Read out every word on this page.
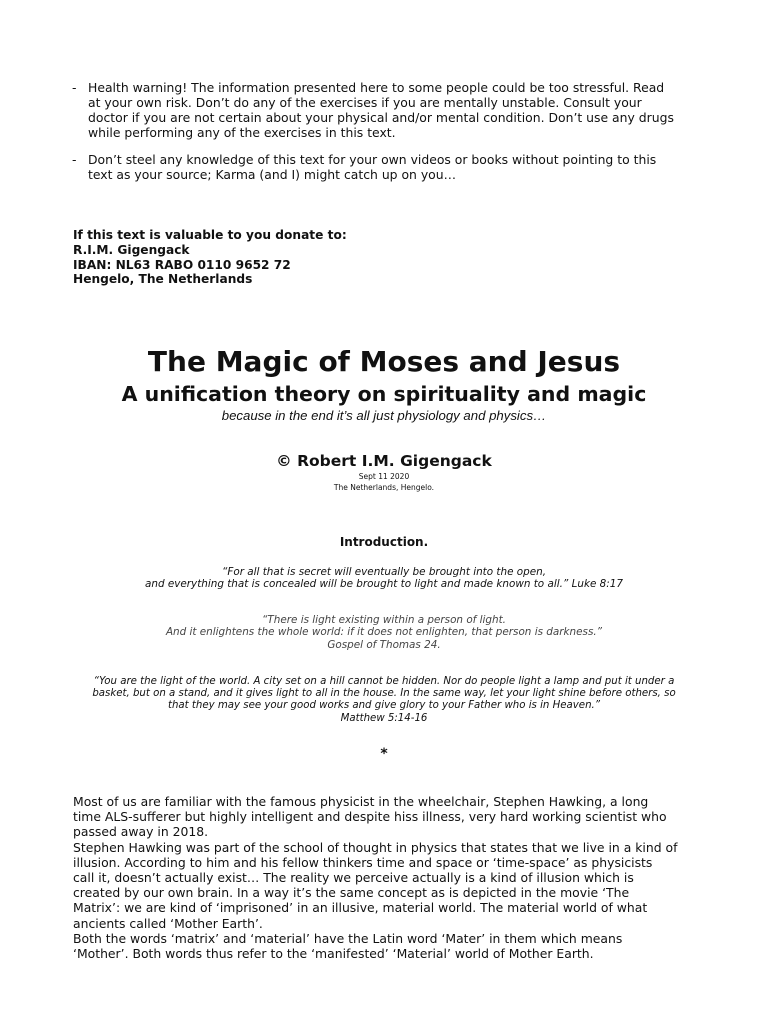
- Health warning! The information presented here to some people could be too stressful. Read
at your own risk. Don’t do any of the exercises if you are mentally unstable. Consult your
doctor if you are not certain about your physical and/or mental condition. Don’t use any drugs
while performing any of the exercises in this text.
- Don’t steel any knowledge of this text for your own videos or books without pointing to this
text as your source; Karma (and I) might catch up on you…
If this text is valuable to you donate to:
R.I.M. Gigengack
IBAN: NL63 RABO 0110 9652 72
Hengelo, The Netherlands
The Magic of Moses and Jesus
A unification theory on spirituality and magic
because in the end it’s all just physiology and physics…
© Robert I.M. Gigengack
Sept 11 2020
The Netherlands, Hengelo.
Introduction.
“For all that is secret will eventually be brought into the open,
and everything that is concealed will be brought to light and made known to all.” Luke 8:17
“There is light existing within a person of light.
And it enlightens the whole world: if it does not enlighten, that person is darkness.”
Gospel of Thomas 24.
“You are the light of the world. A city set on a hill cannot be hidden. Nor do people light a lamp and put it under a
basket, but on a stand, and it gives light to all in the house. In the same way, let your light shine before others, so
that they may see your good works and give glory to your Father who is in Heaven.”
Matthew 5:14-16
*
Most of us are familiar with the famous physicist in the wheelchair, Stephen Hawking, a long
time ALS-sufferer but highly intelligent and despite hiss illness, very hard working scientist who
passed away in 2018.
Stephen Hawking was part of the school of thought in physics that states that we live in a kind of
illusion. According to him and his fellow thinkers time and space or ‘time-space’ as physicists
call it, doesn’t actually exist… The reality we perceive actually is a kind of illusion which is
created by our own brain. In a way it’s the same concept as is depicted in the movie ‘The
Matrix’: we are kind of ‘imprisoned’ in an illusive, material world. The material world of what
ancients called ‘Mother Earth’.
Both the words ‘matrix’ and ‘material’ have the Latin word ‘Mater’ in them which means
‘Mother’. Both words thus refer to the ‘manifested’ ‘Material’ world of Mother Earth.
